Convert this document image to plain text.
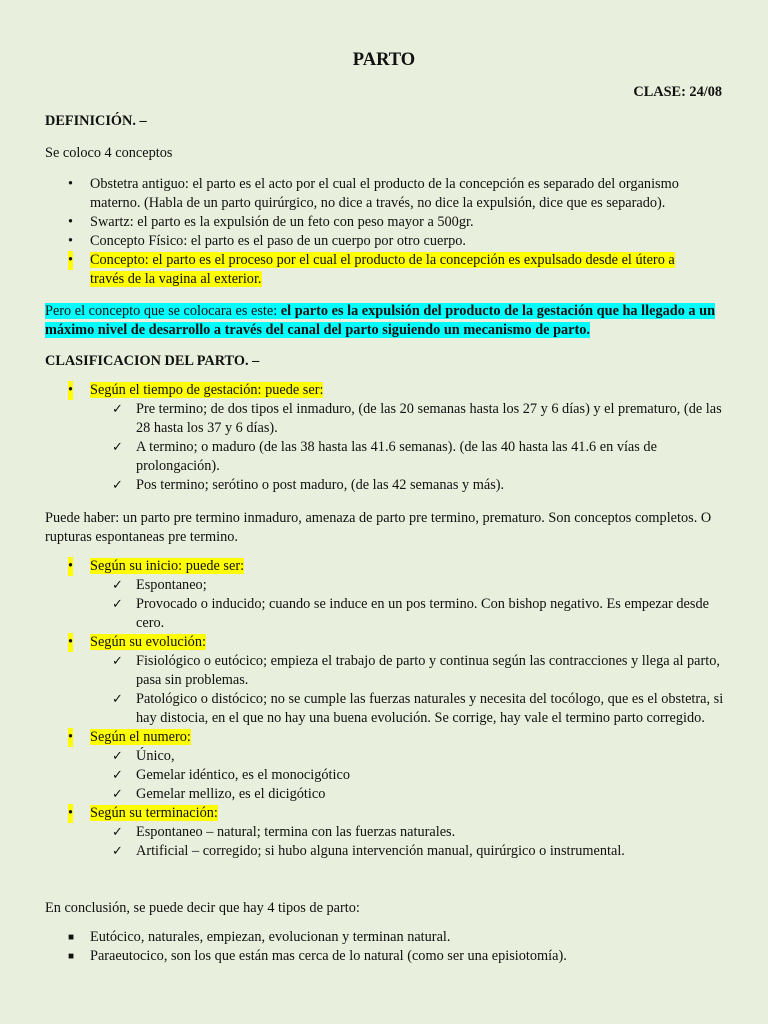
PARTO
CLASE: 24/08
DEFINICIÓN. –
Se coloco 4 conceptos
• Obstetra antiguo: el parto es el acto por el cual el producto de la concepción es separado del organismo materno. (Habla de un parto quirúrgico, no dice a través, no dice la expulsión, dice que es separado).
• Swartz: el parto es la expulsión de un feto con peso mayor a 500gr.
• Concepto Físico: el parto es el paso de un cuerpo por otro cuerpo.
• Concepto: el parto es el proceso por el cual el producto de la concepción es expulsado desde el útero a través de la vagina al exterior.
Pero el concepto que se colocara es este: el parto es la expulsión del producto de la gestación que ha llegado a un máximo nivel de desarrollo a través del canal del parto siguiendo un mecanismo de parto.
CLASIFICACION DEL PARTO. –
• Según el tiempo de gestación: puede ser:
✓ Pre termino; de dos tipos el inmaduro, (de las 20 semanas hasta los 27 y 6 días) y el prematuro, (de las 28 hasta los 37 y 6 días).
✓ A termino; o maduro (de las 38 hasta las 41.6 semanas). (de las 40 hasta las 41.6 en vías de prolongación).
✓ Pos termino; serótino o post maduro, (de las 42 semanas y más).
Puede haber: un parto pre termino inmaduro, amenaza de parto pre termino, prematuro. Son conceptos completos. O rupturas espontaneas pre termino.
• Según su inicio: puede ser:
✓ Espontaneo;
✓ Provocado o inducido; cuando se induce en un pos termino. Con bishop negativo. Es empezar desde cero.
• Según su evolución:
✓ Fisiológico o eutócico; empieza el trabajo de parto y continua según las contracciones y llega al parto, pasa sin problemas.
✓ Patológico o distócico; no se cumple las fuerzas naturales y necesita del tocólogo, que es el obstetra, si hay distocia, en el que no hay una buena evolución. Se corrige, hay vale el termino parto corregido.
• Según el numero:
✓ Único,
✓ Gemelar idéntico, es el monocigótico
✓ Gemelar mellizo, es el dicigótico
• Según su terminación:
✓ Espontaneo – natural; termina con las fuerzas naturales.
✓ Artificial – corregido; si hubo alguna intervención manual, quirúrgico o instrumental.
En conclusión, se puede decir que hay 4 tipos de parto:
■ Eutócico, naturales, empiezan, evolucionan y terminan natural.
■ Paraeutocico, son los que están mas cerca de lo natural (como ser una episiotomía).
